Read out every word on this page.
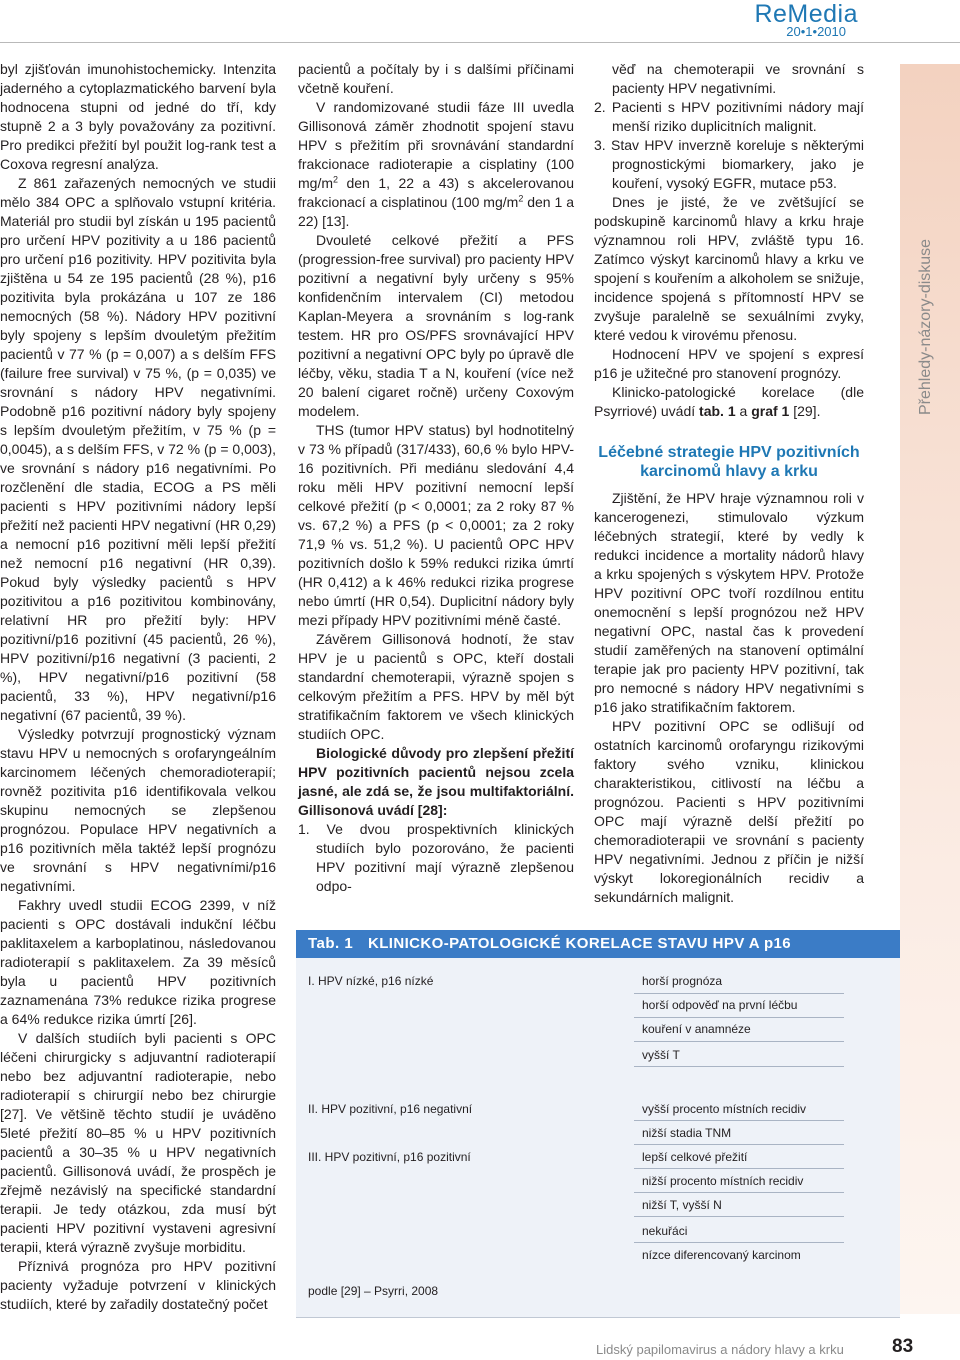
ReMedia
20•1•2010
Přehledy-názory-diskuse

byl zjišťován imunohistochemicky. Intenzita jaderného a cytoplazmatického barvení byla hodnocena stupni od jedné do tří, kdy stupně 2 a 3 byly považovány za pozitivní. Pro predikci přežití byl použit log-rank test a Coxova regresní analýza.

Z 861 zařazených nemocných ve studii mělo 384 OPC a splňovalo vstupní kritéria. Materiál pro studii byl získán u 195 pacientů pro určení HPV pozitivity a u 186 pacientů pro určení p16 pozitivity. HPV pozitivita byla zjištěna u 54 ze 195 pacientů (28 %), p16 pozitivita byla prokázána u 107 ze 186 nemocných (58 %). Nádory HPV pozitivní byly spojeny s lepším dvouletým přežitím pacientů v 77 % (p = 0,007) a s delším FFS (failure free survival) v 75 %, (p = 0,035) ve srovnání s nádory HPV negativními. Podobně p16 pozitivní nádory byly spojeny s lepším dvouletým přežitím, v 75 % (p = 0,0045), a s delším FFS, v 72 % (p = 0,003), ve srovnání s nádory p16 negativními. Po rozčlenění dle stadia, ECOG a PS měli pacienti s HPV pozitivními nádory lepší přežití než pacienti HPV negativní (HR 0,29) a nemocní p16 pozitivní měli lepší přežití než nemocní p16 negativní (HR 0,39). Pokud byly výsledky pacientů s HPV pozitivitou a p16 pozitivitou kombinovány, relativní HR pro přežití byly: HPV pozitivní/p16 pozitivní (45 pacientů, 26 %), HPV pozitivní/p16 negativní (3 pacienti, 2 %), HPV negativní/p16 pozitivní (58 pacientů, 33 %), HPV negativní/p16 negativní (67 pacientů, 39 %).

Výsledky potvrzují prognostický význam stavu HPV u nemocných s orofaryngeálním karcinomem léčených chemoradioterapií; rovněž pozitivita p16 identifikovala velkou skupinu nemocných se zlepšenou prognózou. Populace HPV negativních a p16 pozitivních měla taktéž lepší prognózu ve srovnání s HPV negativními/p16 negativními.

Fakhry uvedl studii ECOG 2399, v níž pacienti s OPC dostávali indukční léčbu paklitaxelem a karboplatinou, následovanou radioterapií s paklitaxelem. Za 39 měsíců byla u pacientů HPV pozitivních zaznamenána 73% redukce rizika progrese a 64% redukce rizika úmrtí [26].

V dalších studiích byli pacienti s OPC léčeni chirurgicky s adjuvantní radioterapií nebo bez adjuvantní radioterapie, nebo radioterapií s chirurgií nebo bez chirurgie [27]. Ve většině těchto studií je uváděno 5leté přežití 80–85 % u HPV pozitivních pacientů a 30–35 % u HPV negativních pacientů. Gillisonová uvádí, že prospěch je zřejmě nezávislý na specifické standardní terapii. Je tedy otázkou, zda musí být pacienti HPV pozitivní vystaveni agresivní terapii, která výrazně zvyšuje morbiditu.

Příznivá prognóza pro HPV pozitivní pacienty vyžaduje potvrzení v klinických studiích, které by zařadily dostatečný počet

pacientů a počítaly by i s dalšími příčinami včetně kouření.

V randomizované studii fáze III uvedla Gillisonová záměr zhodnotit spojení stavu HPV s přežitím při srovnávání standardní frakcionace radioterapie a cisplatiny (100 $mg/m^2$ den 1, 22 a 43) s akcelerovanou frakcionací a cisplatinou (100 $mg/m^2$ den 1 a 22) [13].

Dvouleté celkové přežití a PFS (progression-free survival) pro pacienty HPV pozitivní a negativní byly určeny s 95% konfidenčním intervalem (CI) metodou Kaplan-Meyera a srovnáním s log-rank testem. HR pro OS/PFS srovnávající HPV pozitivní a negativní OPC byly po úpravě dle léčby, věku, stadia T a N, kouření (více než 20 balení cigaret ročně) určeny Coxovým modelem.

THS (tumor HPV status) byl hodnotitelný v 73 % případů (317/433), 60,6 % bylo HPV-16 pozitivních. Při mediánu sledování 4,4 roku měli HPV pozitivní nemocní lepší celkové přežití (p < 0,0001; za 2 roky 87 % vs. 67,2 %) a PFS (p < 0,0001; za 2 roky 71,9 % vs. 51,2 %). U pacientů OPC HPV pozitivních došlo k 59% redukci rizika úmrtí (HR 0,412) a k 46% redukci rizika progrese nebo úmrtí (HR 0,54). Duplicitní nádory byly mezi případy HPV pozitivními méně časté.

Závěrem Gillisonová hodnotí, že stav HPV je u pacientů s OPC, kteří dostali standardní chemoterapii, výrazně spojen s celkovým přežitím a PFS. HPV by měl být stratifikačním faktorem ve všech klinických studiích OPC.

Biologické důvody pro zlepšení přežití HPV pozitivních pacientů nejsou zcela jasné, ale zdá se, že jsou multifaktoriální. Gillisonová uvádí [28]:

1. Ve dvou prospektivních klinických studiích bylo pozorováno, že pacienti HPV pozitivní mají výrazně zlepšenou odpo-
věď na chemoterapii ve srovnání s pacienty HPV negativními.
2. Pacienti s HPV pozitivními nádory mají menší riziko duplicitních malignit.
3. Stav HPV inverzně koreluje s některými prognostickými biomarkery, jako je kouření, vysoký EGFR, mutace p53.

Dnes je jisté, že ve zvětšující se podskupině karcinomů hlavy a krku hraje významnou roli HPV, zvláště typu 16. Zatímco výskyt karcinomů hlavy a krku ve spojení s kouřením a alkoholem se snižuje, incidence spojená s přítomností HPV se zvyšuje paralelně se sexuálními zvyky, které vedou k virovému přenosu.

Hodnocení HPV ve spojení s expresí p16 je užitečné pro stanovení prognózy.

Klinicko-patologické korelace (dle Psyrriové) uvádí tab. 1 a graf 1 [29].

Léčebné strategie HPV pozitivních karcinomů hlavy a krku

Zjištění, že HPV hraje významnou roli v kancerogenezi, stimulovalo výzkum léčebných strategií, které by vedly k redukci incidence a mortality nádorů hlavy a krku spojených s výskytem HPV. Protože HPV pozitivní OPC tvoří rozdílnou entitu onemocnění s lepší prognózou než HPV negativní OPC, nastal čas k provedení studií zaměřených na stanovení optimální terapie jak pro pacienty HPV pozitivní, tak pro nemocné s nádory HPV negativními s p16 jako stratifikačním faktorem.

HPV pozitivní OPC se odlišují od ostatních karcinomů orofaryngu rizikovými faktory svého vzniku, klinickou charakteristikou, citlivostí na léčbu a prognózou. Pacienti s HPV pozitivními OPC mají výrazně delší přežití po chemoradioterapii ve srovnání s pacienty HPV negativními. Jednou z příčin je nižší výskyt lokoregionálních recidiv a sekundárních malignit.

Tab. 1 KLINICKO-PATOLOGICKÉ KORELACE STAVU HPV A p16
I. HPV nízké, p16 nízké
II. HPV pozitivní, p16 negativní
III. HPV pozitivní, p16 pozitivní
horší prognóza
horší odpověď na první léčbu
kouření v anamnéze
vyšší T
vyšší procento místních recidiv
nižší stadia TNM
lepší celkové přežití
nižší procento místních recidiv
nižší T, vyšší N
nekuřáci
nízce diferencovaný karcinom
podle [29] – Psyrri, 2008
Lidský papilomavirus a nádory hlavy a krku	83
